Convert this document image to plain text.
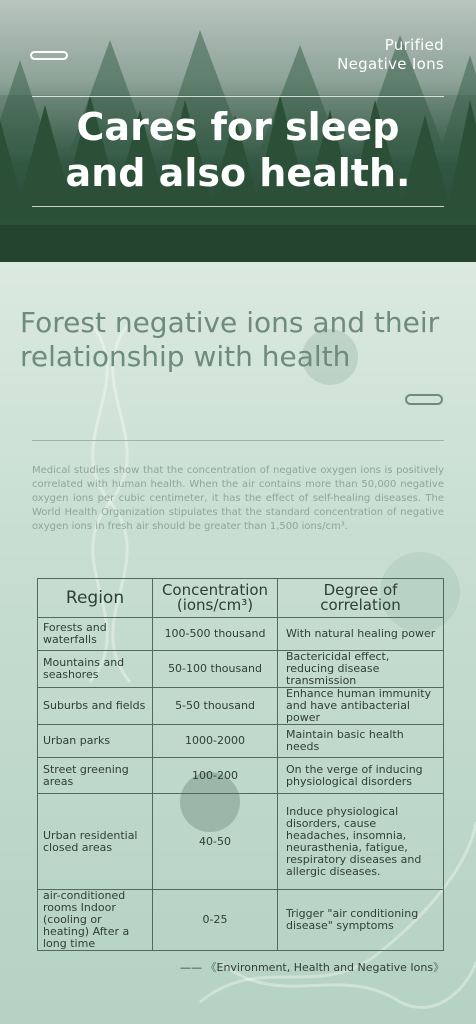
Purified
Negative Ions
Cares for sleep
and also health.
Forest negative ions and their relationship with health
Medical studies show that the concentration of negative oxygen ions is positively correlated with human health. When the air contains more than 50,000 negative oxygen ions per cubic centimeter, it has the effect of self-healing diseases. The World Health Organization stipulates that the standard concentration of negative oxygen ions in fresh air should be greater than 1,500 ions/cm³.
Region	Concentration (ions/cm³)	Degree of correlation
Forests and waterfalls	100-500 thousand	With natural healing power
Mountains and seashores	50-100 thousand	Bactericidal effect, reducing disease transmission
Suburbs and fields	5-50 thousand	Enhance human immunity and have antibacterial power
Urban parks	1000-2000	Maintain basic health needs
Street greening areas	100-200	On the verge of inducing physiological disorders
Urban residential closed areas	40-50	Induce physiological disorders, cause headaches, insomnia, neurasthenia, fatigue, respiratory diseases and allergic diseases.
air-conditioned rooms Indoor (cooling or heating) After a long time	0-25	Trigger "air conditioning disease" symptoms
—— 《Environment, Health and Negative Ions》
